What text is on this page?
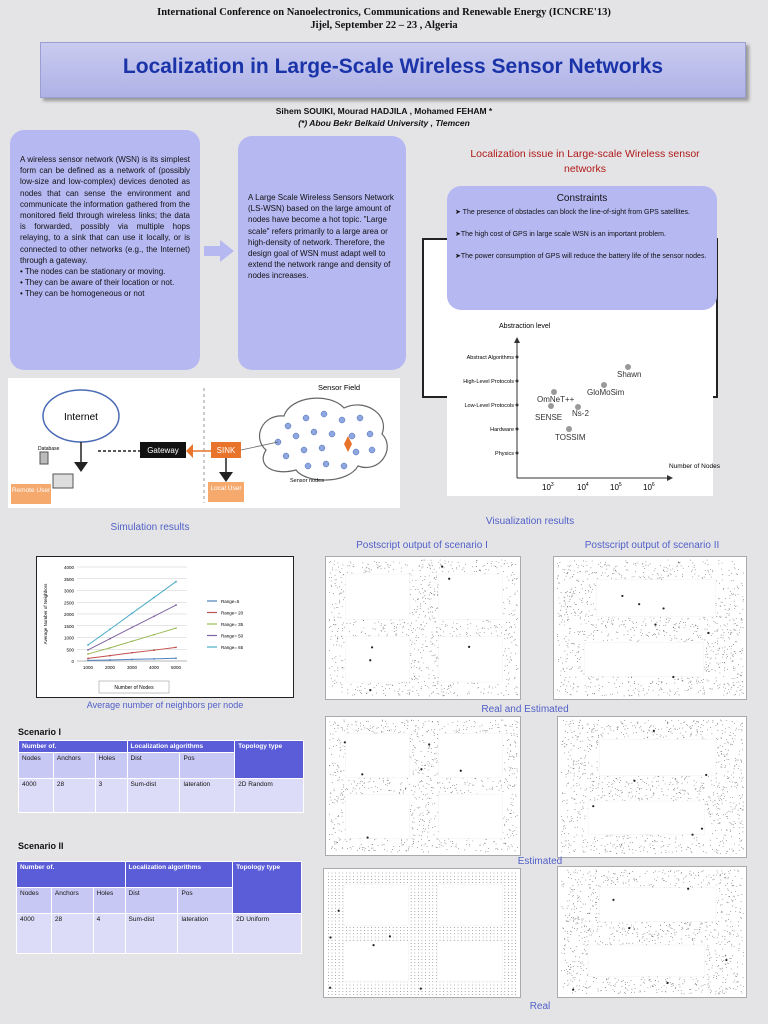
International Conference on Nanoelectronics, Communications and Renewable Energy (ICNCRE'13)
Jijel, September 22 – 23 , Algeria
Localization in Large-Scale Wireless Sensor Networks
Sihem SOUIKI, Mourad HADJILA , Mohamed FEHAM *
(*) Abou Bekr Belkaid University , Tlemcen
A wireless sensor network (WSN) is its simplest form can be defined as a network of (possibly low-size and low-complex) devices denoted as nodes that can sense the environment and communicate the information gathered from the monitored field through wireless links; the data is forwarded, possibly via multiple hops relaying, to a sink that can use it locally, or is connected to other networks (e.g., the Internet) through a gateway.
• The nodes can be stationary or moving.
• They can be aware of their location or not.
• They can be homogeneous or not
A Large Scale Wireless Sensors Network (LS-WSN) based on the large amount of nodes have become a hot topic. "Large scale" refers primarily to a large area or high-density of network. Therefore, the design goal of WSN must adapt well to extend the network range and density of nodes increases.
Localization issue in Large-scale Wireless sensor networks
Constraints

➤ The presence of obstacles can block the line-of-sight from GPS satellites.

➤The high cost of GPS in large scale WSN is an important problem.

➤The power consumption of GPS will reduce the battery life of the sensor nodes.

Abstraction level
Abstract Algorithms
High-Level Protocols
Low-Level Protocols
Hardware
Physics
$10^3$	$10^4$	$10^5$	$10^6$
Number of Nodes
Shawn
GloMoSim
OmNeT++
Ns-2
SENSE
TOSSIM
Internet
Database
Remote User
Gateway	SINK
Local User
Sensor Field
Sensor nodes
Simulation results
Visualization results
0
500
1000
1500
2000
2500
3000
3500
4000
1000	2000	3000	4000	5000
Average Number of Neighbors
Number of Nodes
Range=5
Range= 20
Range= 35
Range= 50
Range= 65
Average number of neighbors per node
Scenario I
Number of.			Localization algorithms		Topology type
Nodes	Anchors	Holes	Dist	Pos	
4000	28	3	Sum-dist	lateration	2D Random
Scenario II
Number of.			Localization algorithms		Topology type
Nodes	Anchors	Holes	Dist	Pos	
4000	28	4	Sum-dist	lateration	2D Uniform
Postscript output of scenario I	Postscript output of scenario II
Real and Estimated
Estimated
Real
